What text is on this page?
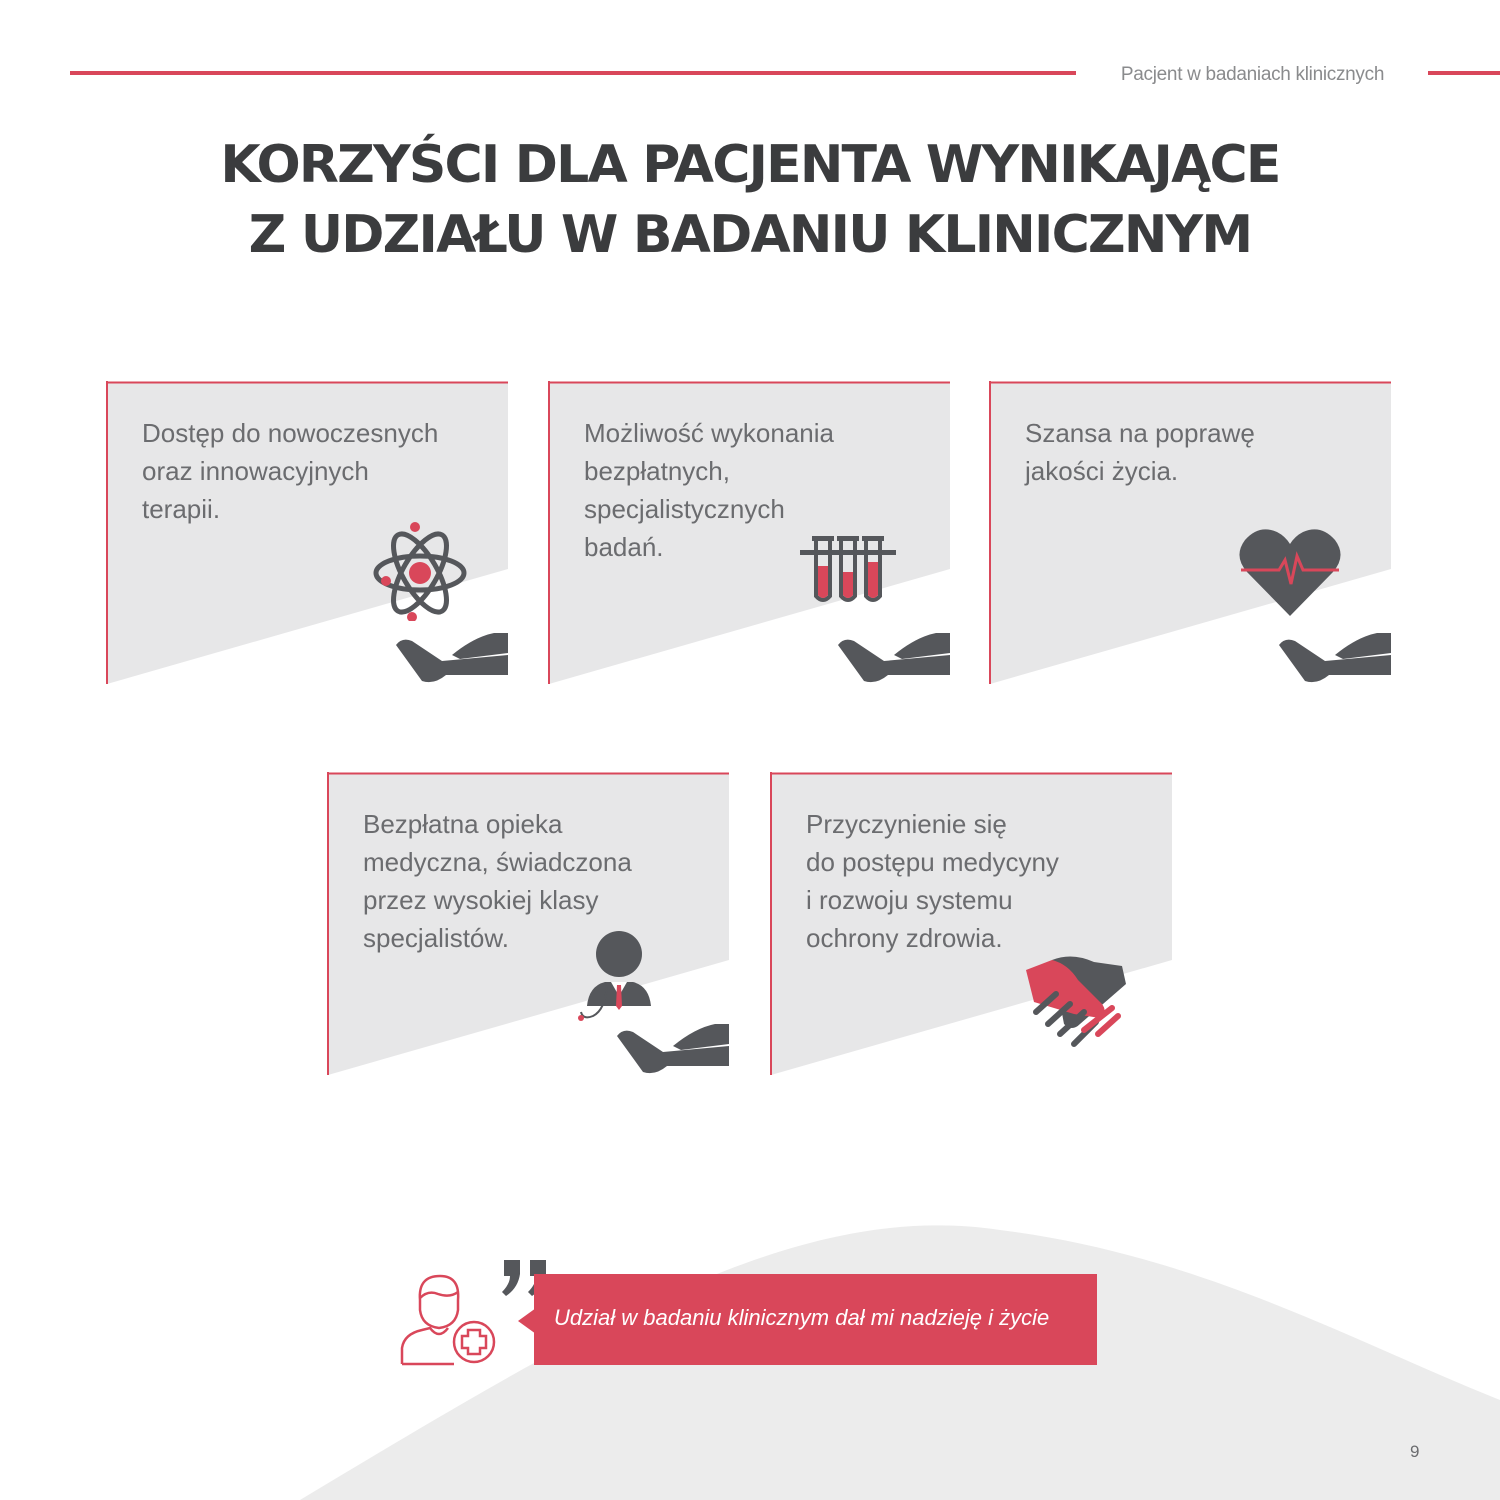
Pacjent w badaniach klinicznych
KORZYŚCI DLA PACJENTA WYNIKAJĄCE
Z UDZIAŁU W BADANIU KLINICZNYM

Dostęp do nowoczesnych
oraz innowacyjnych
terapii.

Możliwość wykonania
bezpłatnych,
specjalistycznych
badań.

Szansa na poprawę
jakości życia.

Bezpłatna opieka
medyczna, świadczona
przez wysokiej klasy
specjalistów.

Przyczynienie się
do postępu medycyny
i rozwoju systemu
ochrony zdrowia.

Udział w badaniu klinicznym dał mi nadzieję i życie
9
